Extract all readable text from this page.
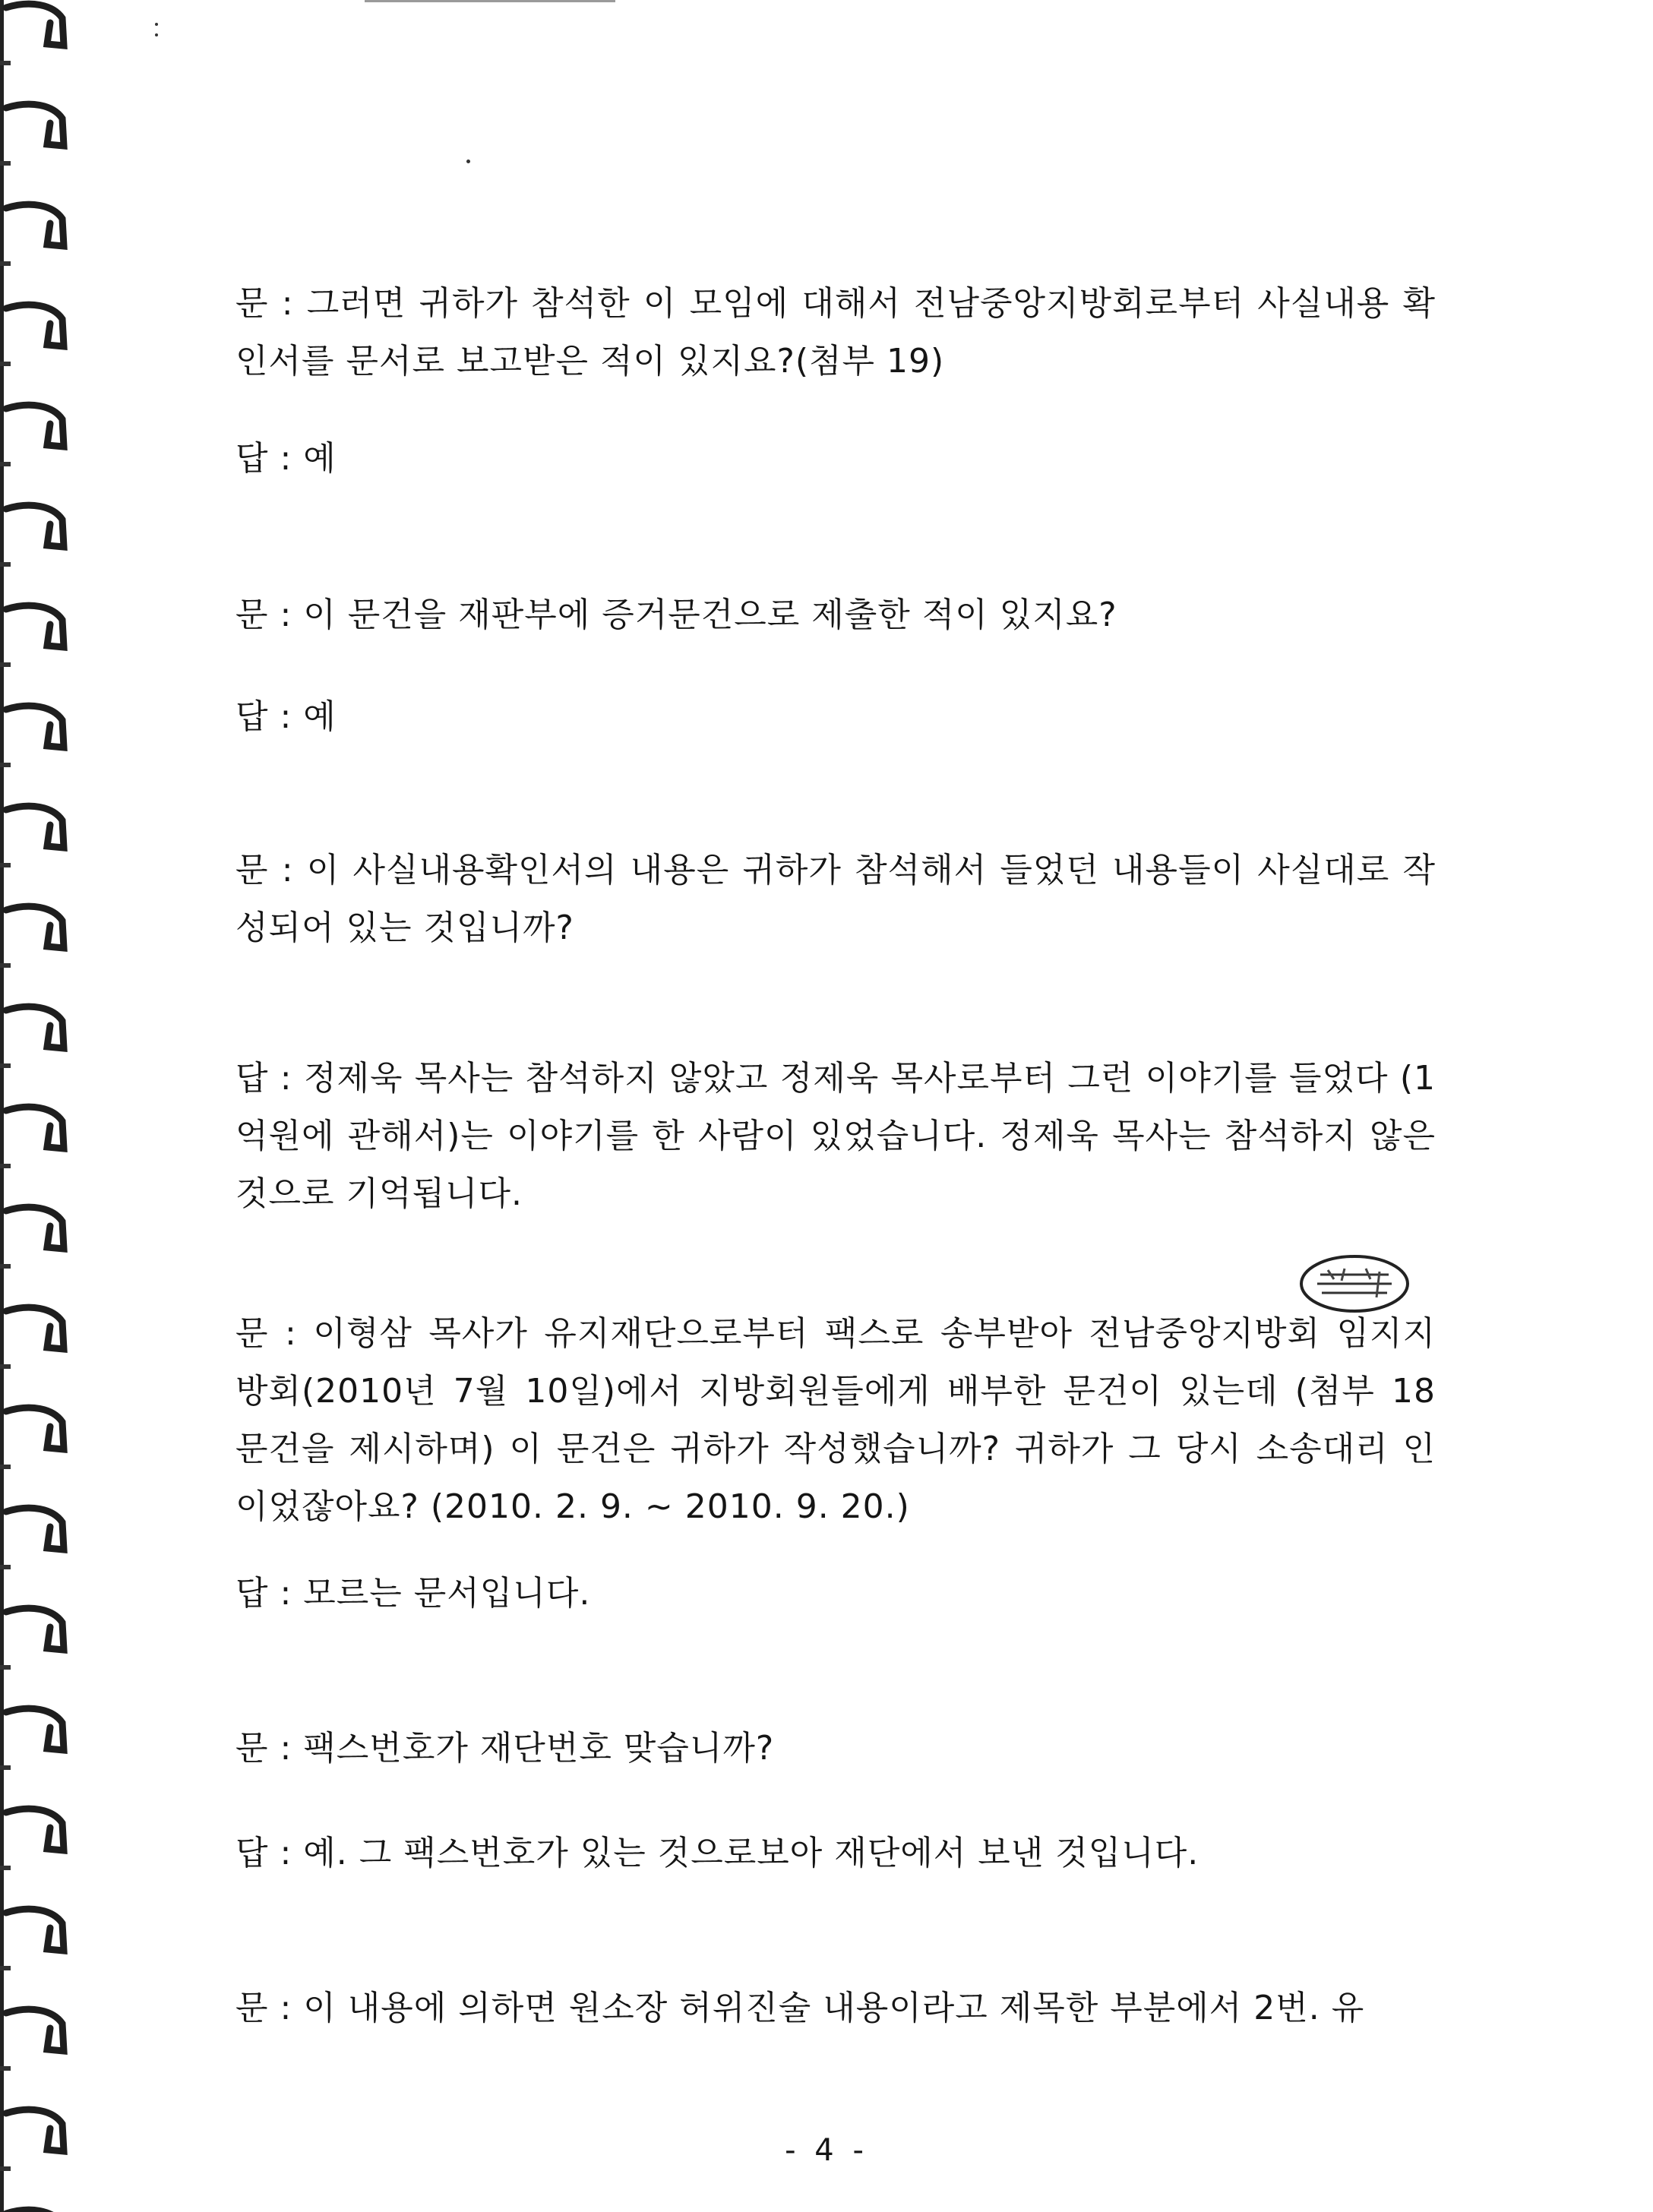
문 : 그러면 귀하가 참석한 이 모임에 대해서 전남중앙지방회로부터 사실내용 확인서를 문서로 보고받은 적이 있지요?(첨부 19)

답 : 예

문 : 이 문건을 재판부에 증거문건으로 제출한 적이 있지요?

답 : 예

문 : 이 사실내용확인서의 내용은 귀하가 참석해서 들었던 내용들이 사실대로 작성되어 있는 것입니까?

답 : 정제욱 목사는 참석하지 않았고 정제욱 목사로부터 그런 이야기를 들었다 (1억원에 관해서)는 이야기를 한 사람이 있었습니다. 정제욱 목사는 참석하지 않은 것으로 기억됩니다.

문 : 이형삼 목사가 유지재단으로부터 팩스로 송부받아 전남중앙지방회 임지지 방회(2010년 7월 10일)에서 지방회원들에게 배부한 문건이 있는데 (첨부 18 문건을 제시하며) 이 문건은 귀하가 작성했습니까? 귀하가 그 당시 소송대리 인이었잖아요? (2010. 2. 9. ~ 2010. 9. 20.)

답 : 모르는 문서입니다.

문 : 팩스번호가 재단번호 맞습니까?

답 : 예. 그 팩스번호가 있는 것으로보아 재단에서 보낸 것입니다.

문 : 이 내용에 의하면 원소장 허위진술 내용이라고 제목한 부분에서 2번. 유

- 4 -
